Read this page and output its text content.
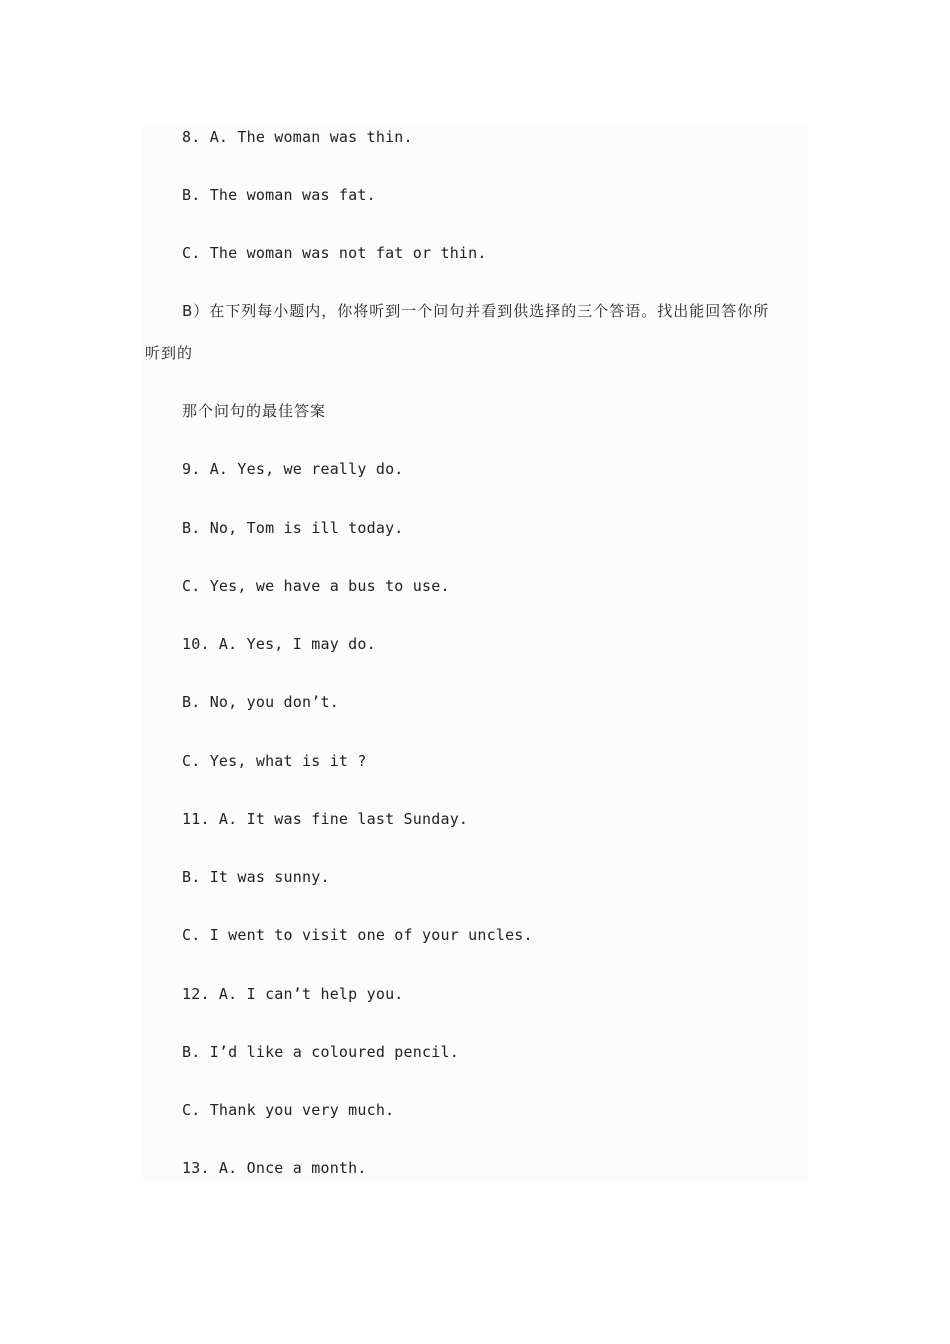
8. A. The woman was thin.
B. The woman was fat.
C. The woman was not fat or thin.
B）在下列每小题内，你将听到一个问句并看到供选择的三个答语。找出能回答你所
听到的
那个问句的最佳答案
9. A. Yes, we really do.
B. No, Tom is ill today.
C. Yes, we have a bus to use.
10. A. Yes, I may do.
B. No, you don’t.
C. Yes, what is it ?
11. A. It was fine last Sunday.
B. It was sunny.
C. I went to visit one of your uncles.
12. A. I can’t help you.
B. I’d like a coloured pencil.
C. Thank you very much.
13. A. Once a month.
